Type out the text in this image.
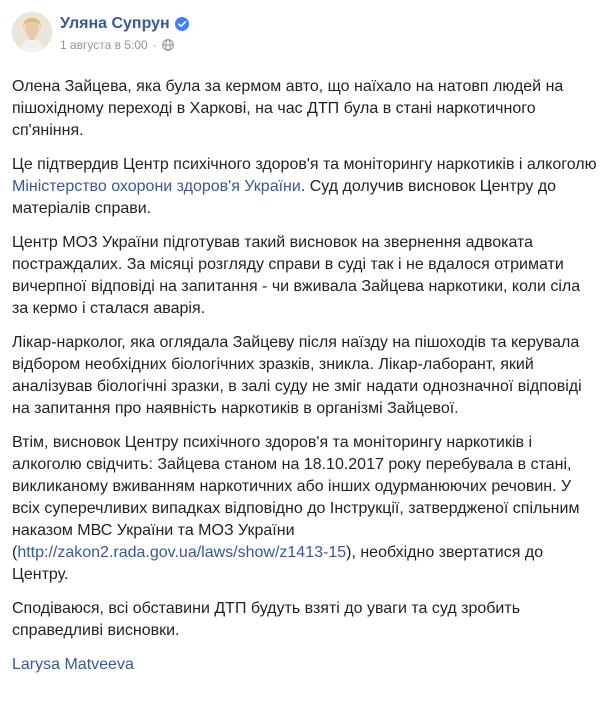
Уляна Супрун
1 августа в 5:00 ·

Олена Зайцева, яка була за кермом авто, що наїхало на натовп людей на пішохідному переході в Харкові, на час ДТП була в стані наркотичного сп'яніння.

Це підтвердив Центр психічного здоров'я та моніторингу наркотиків і алкоголю Міністерство охорони здоров'я України. Суд долучив висновок Центру до матеріалів справи.

Центр МОЗ України підготував такий висновок на звернення адвоката постраждалих. За місяці розгляду справи в суді так і не вдалося отримати вичерпної відповіді на запитання - чи вживала Зайцева наркотики, коли сіла за кермо і сталася аварія.

Лікар-нарколог, яка оглядала Зайцеву після наїзду на пішоходів та керувала відбором необхідних біологічних зразків, зникла. Лікар-лаборант, який аналізував біологічні зразки, в залі суду не зміг надати однозначної відповіді на запитання про наявність наркотиків в організмі Зайцевої.

Втім, висновок Центру психічного здоров'я та моніторингу наркотиків і алкоголю свідчить: Зайцева станом на 18.10.2017 року перебувала в стані, викликаному вживанням наркотичних або інших одурманюючих речовин. У всіх суперечливих випадках відповідно до Інструкції, затвердженої спільним наказом МВС України та МОЗ України (http://zakon2.rada.gov.ua/laws/show/z1413-15), необхідно звертатися до Центру.

Сподіваюся, всі обставини ДТП будуть взяті до уваги та суд зробить справедливі висновки.

Larysa Matveeva
